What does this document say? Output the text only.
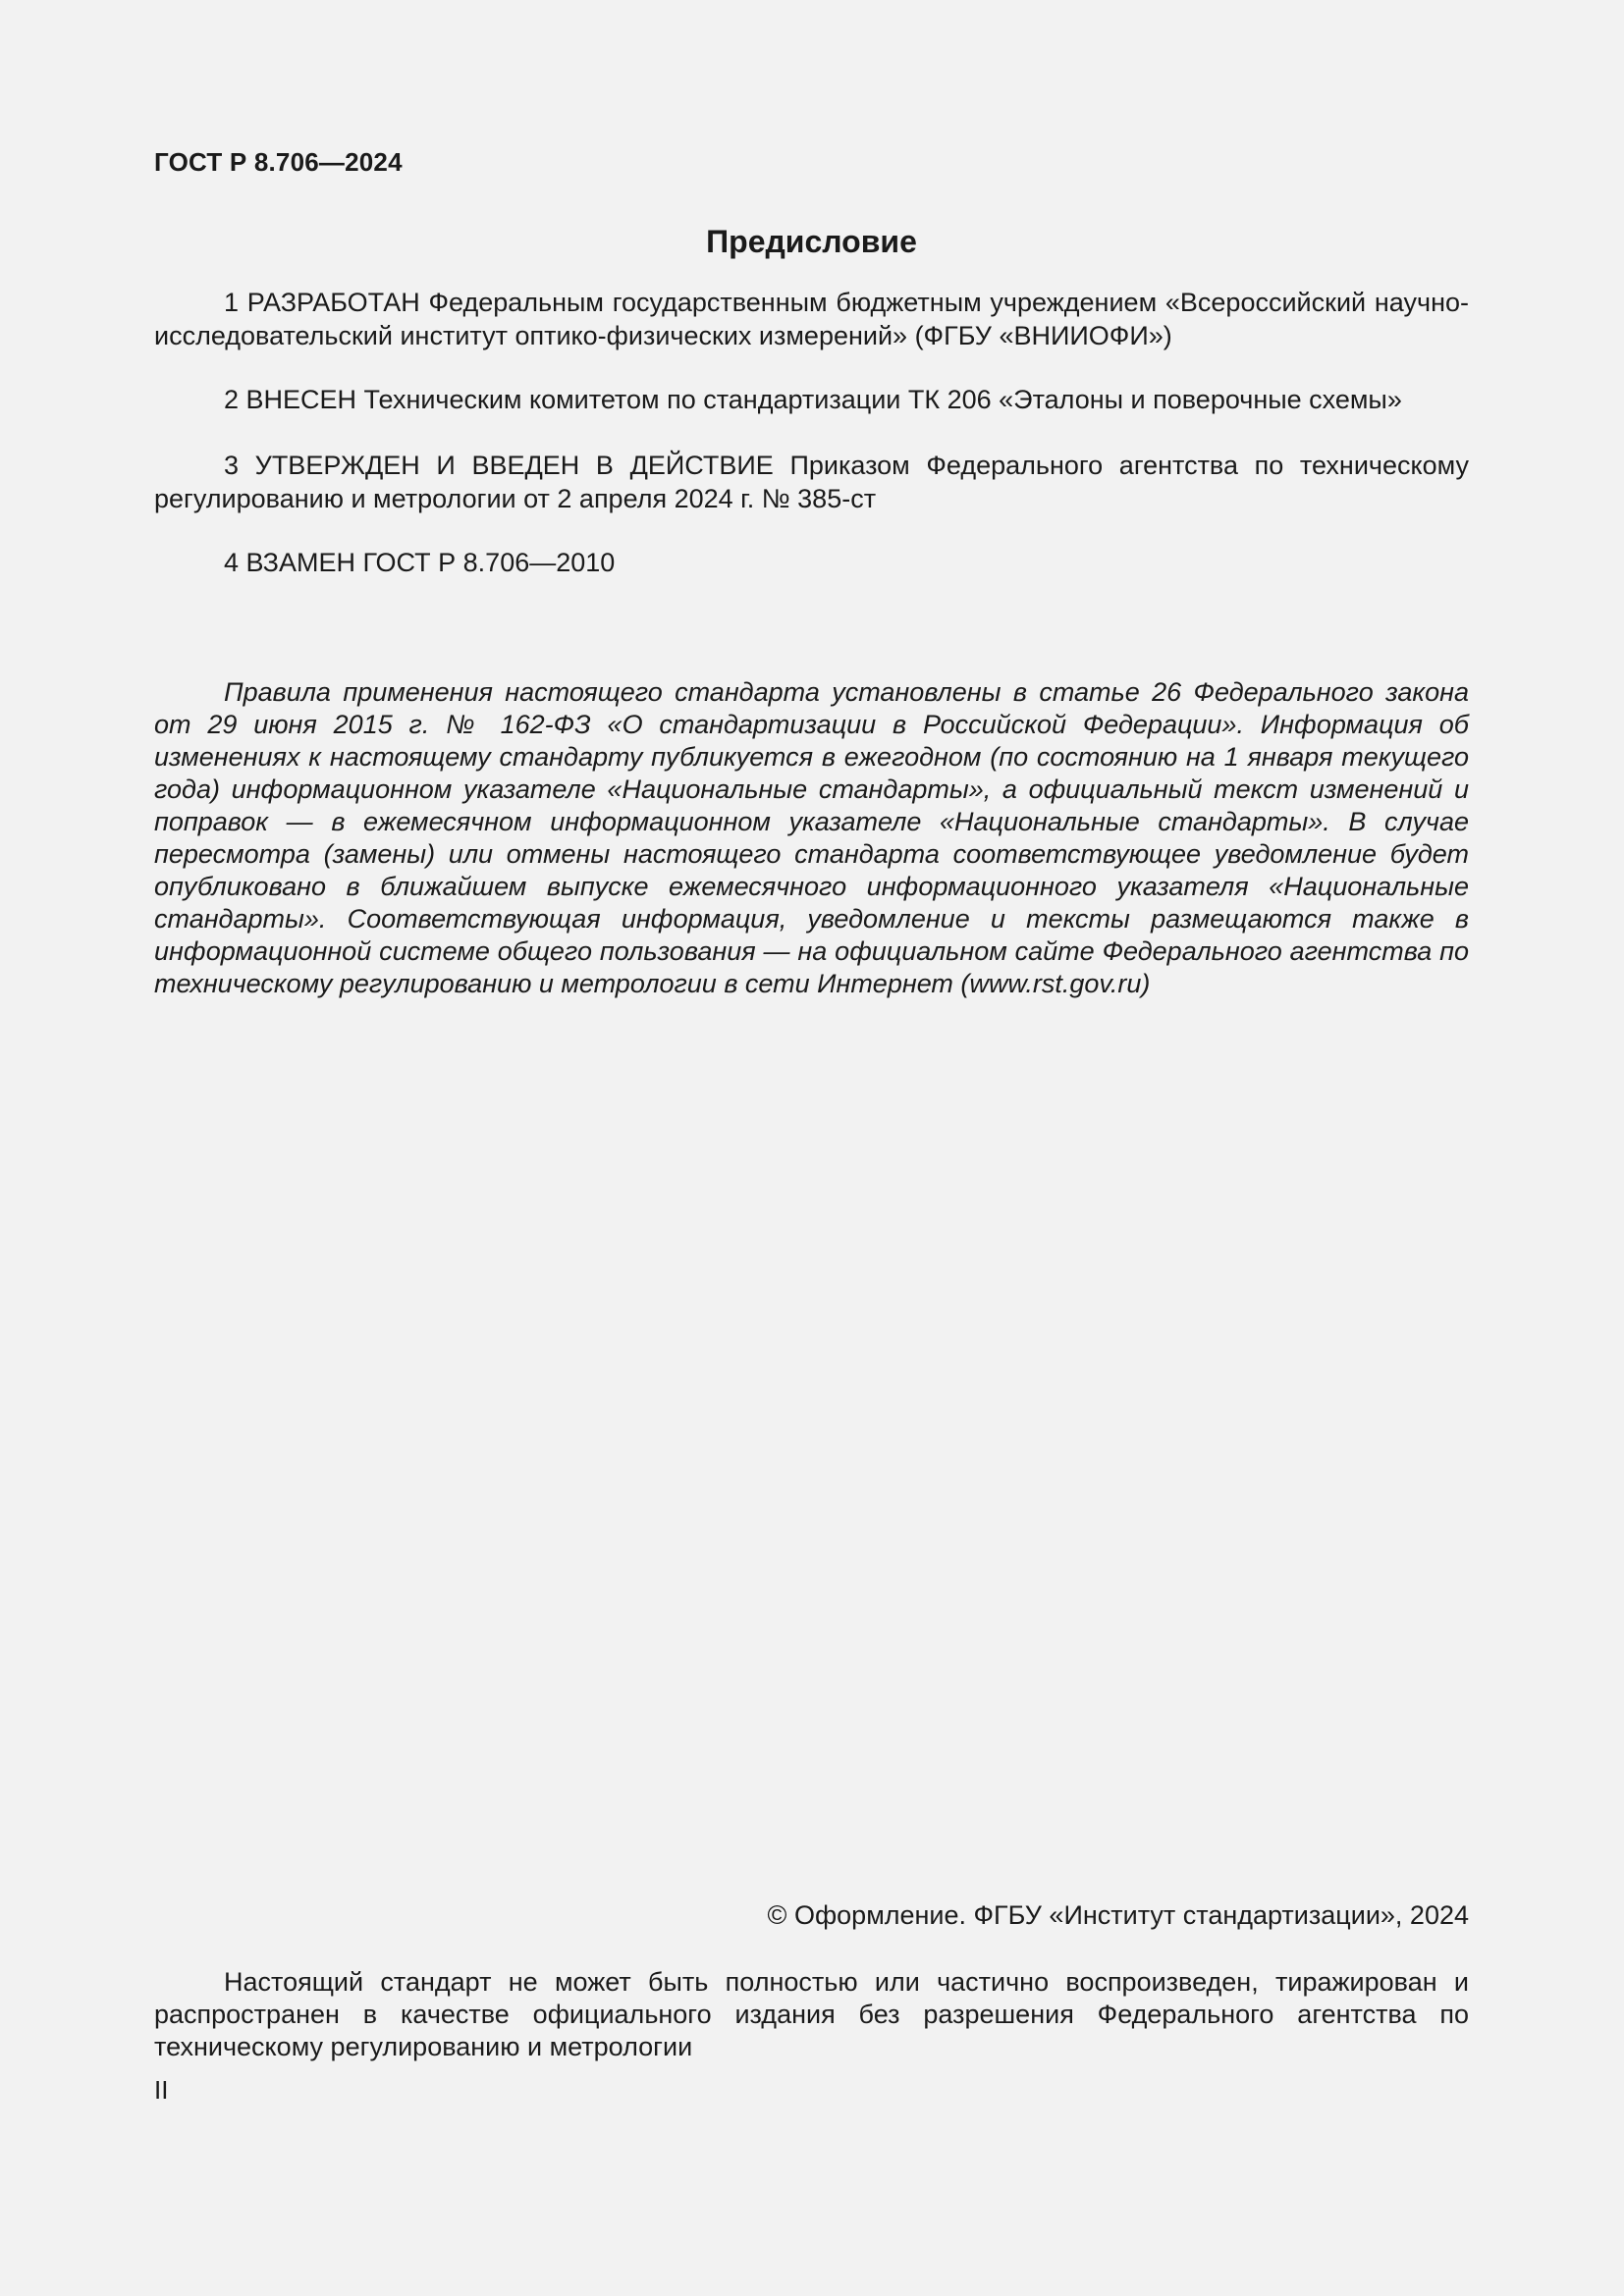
ГОСТ Р 8.706—2024
Предисловие

1 РАЗРАБОТАН Федеральным государственным бюджетным учреждением «Всероссийский научно-исследовательский институт оптико-физических измерений» (ФГБУ «ВНИИОФИ»)

2 ВНЕСЕН Техническим комитетом по стандартизации ТК 206 «Эталоны и поверочные схемы»

3 УТВЕРЖДЕН И ВВЕДЕН В ДЕЙСТВИЕ Приказом Федерального агентства по техническому регулированию и метрологии от 2 апреля 2024 г. № 385-ст

4 ВЗАМЕН ГОСТ Р 8.706—2010

Правила применения настоящего стандарта установлены в статье 26 Федерального закона от 29 июня 2015 г. № 162-ФЗ «О стандартизации в Российской Федерации». Информация об изменениях к настоящему стандарту публикуется в ежегодном (по состоянию на 1 января текущего года) информационном указателе «Национальные стандарты», а официальный текст изменений и поправок — в ежемесячном информационном указателе «Национальные стандарты». В случае пересмотра (замены) или отмены настоящего стандарта соответствующее уведомление будет опубликовано в ближайшем выпуске ежемесячного информационного указателя «Национальные стандарты». Соответствующая информация, уведомление и тексты размещаются также в информационной системе общего пользования — на официальном сайте Федерального агентства по техническому регулированию и метрологии в сети Интернет (www.rst.gov.ru)

© Оформление. ФГБУ «Институт стандартизации», 2024

Настоящий стандарт не может быть полностью или частично воспроизведен, тиражирован и распространен в качестве официального издания без разрешения Федерального агентства по техническому регулированию и метрологии

II
